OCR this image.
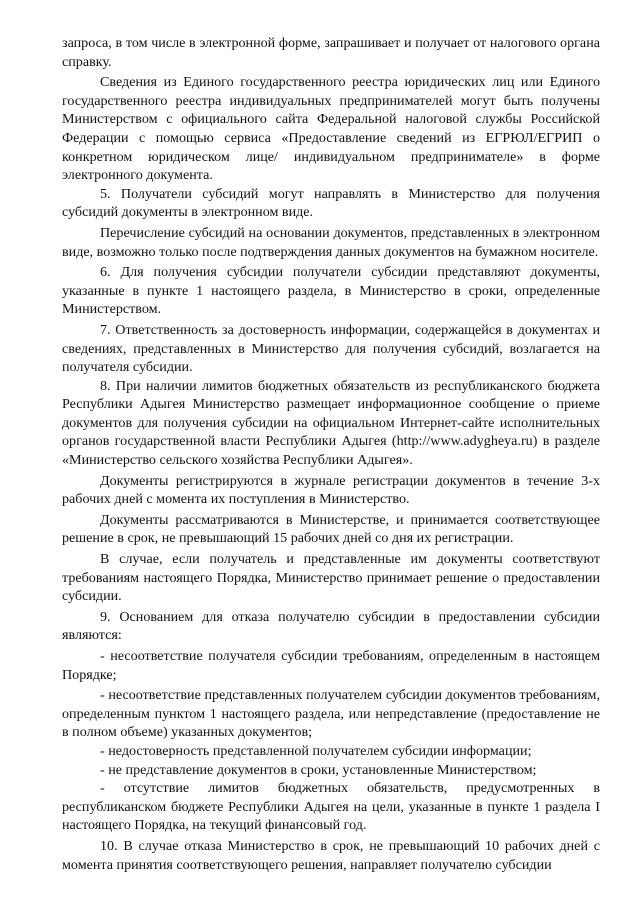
запроса, в том числе в электронной форме, запрашивает и получает от налогового органа справку.

Сведения из Единого государственного реестра юридических лиц или Единого государственного реестра индивидуальных предпринимателей могут быть получены Министерством с официального сайта Федеральной налоговой службы Российской Федерации с помощью сервиса «Предоставление сведений из ЕГРЮЛ/ЕГРИП о конкретном юридическом лице/ индивидуальном предпринимателе» в форме электронного документа.

5. Получатели субсидий могут направлять в Министерство для получения субсидий документы в электронном виде.

Перечисление субсидий на основании документов, представленных в электронном виде, возможно только после подтверждения данных документов на бумажном носителе.

6. Для получения субсидии получатели субсидии представляют документы, указанные в пункте 1 настоящего раздела, в Министерство в сроки, определенные Министерством.

7. Ответственность за достоверность информации, содержащейся в документах и сведениях, представленных в Министерство для получения субсидий, возлагается на получателя субсидии.

8. При наличии лимитов бюджетных обязательств из республиканского бюджета Республики Адыгея Министерство размещает информационное сообщение о приеме документов для получения субсидии на официальном Интернет-сайте исполнительных органов государственной власти Республики Адыгея (http://www.adygheya.ru) в разделе «Министерство сельского хозяйства Республики Адыгея».

Документы регистрируются в журнале регистрации документов в течение 3-х рабочих дней с момента их поступления в Министерство.

Документы рассматриваются в Министерстве, и принимается соответствующее решение в срок, не превышающий 15 рабочих дней со дня их регистрации.

В случае, если получатель и представленные им документы соответствуют требованиям настоящего Порядка, Министерство принимает решение о предоставлении субсидии.

9. Основанием для отказа получателю субсидии в предоставлении субсидии являются:

- несоответствие получателя субсидии требованиям, определенным в настоящем Порядке;

- несоответствие представленных получателем субсидии документов требованиям, определенным пунктом 1 настоящего раздела, или непредставление (предоставление не в полном объеме) указанных документов;

- недостоверность представленной получателем субсидии информации;

- не представление документов в сроки, установленные Министерством;

- отсутствие лимитов бюджетных обязательств, предусмотренных в республиканском бюджете Республики Адыгея на цели, указанные в пункте 1 раздела I настоящего Порядка, на текущий финансовый год.

10. В случае отказа Министерство в срок, не превышающий 10 рабочих дней с момента принятия соответствующего решения, направляет получателю субсидии
